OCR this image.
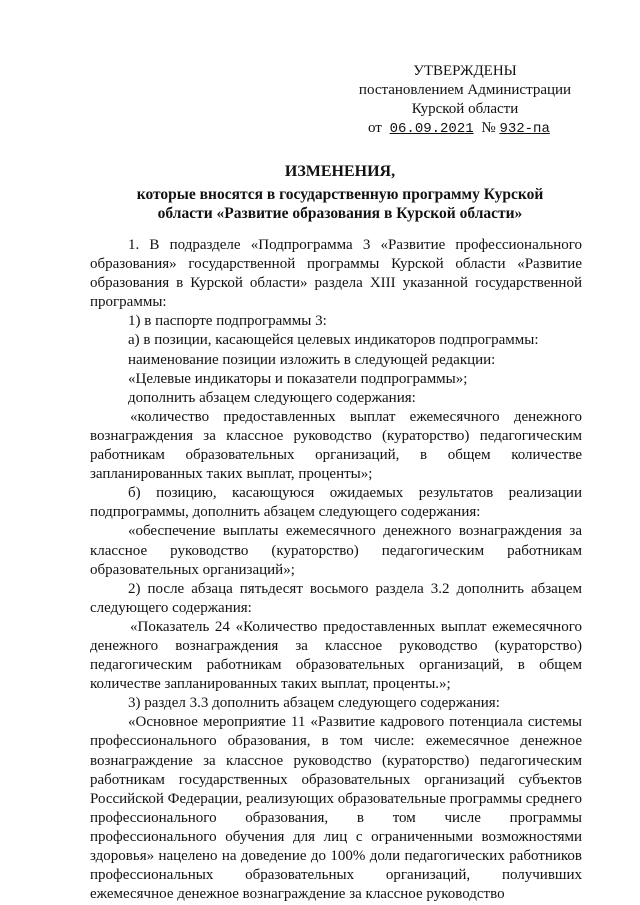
УТВЕРЖДЕНЫ
постановлением Администрации
Курской области
от 06.09.2021 № 932-па
ИЗМЕНЕНИЯ,
которые вносятся в государственную программу Курской
области «Развитие образования в Курской области»

1. В подразделе «Подпрограмма 3 «Развитие профессионального образования» государственной программы Курской области «Развитие образования в Курской области» раздела XIII указанной государственной программы:

1) в паспорте подпрограммы 3:

а) в позиции, касающейся целевых индикаторов подпрограммы:

наименование позиции изложить в следующей редакции:

«Целевые индикаторы и показатели подпрограммы»;

дополнить абзацем следующего содержания:

«количество предоставленных выплат ежемесячного денежного вознаграждения за классное руководство (кураторство) педагогическим работникам образовательных организаций, в общем количестве запланированных таких выплат, проценты»;

б) позицию, касающуюся ожидаемых результатов реализации подпрограммы, дополнить абзацем следующего содержания:

«обеспечение выплаты ежемесячного денежного вознаграждения за классное руководство (кураторство) педагогическим работникам образовательных организаций»;

2) после абзаца пятьдесят восьмого раздела 3.2 дополнить абзацем следующего содержания:

«Показатель 24 «Количество предоставленных выплат ежемесячного денежного вознаграждения за классное руководство (кураторство) педагогическим работникам образовательных организаций, в общем количестве запланированных таких выплат, проценты.»;

3) раздел 3.3 дополнить абзацем следующего содержания:

«Основное мероприятие 11 «Развитие кадрового потенциала системы профессионального образования, в том числе: ежемесячное денежное вознаграждение за классное руководство (кураторство) педагогическим работникам государственных образовательных организаций субъектов Российской Федерации, реализующих образовательные программы среднего профессионального образования, в том числе программы профессионального обучения для лиц с ограниченными возможностями здоровья» нацелено на доведение до 100% доли педагогических работников профессиональных образовательных организаций, получивших ежемесячное денежное вознаграждение за классное руководство
